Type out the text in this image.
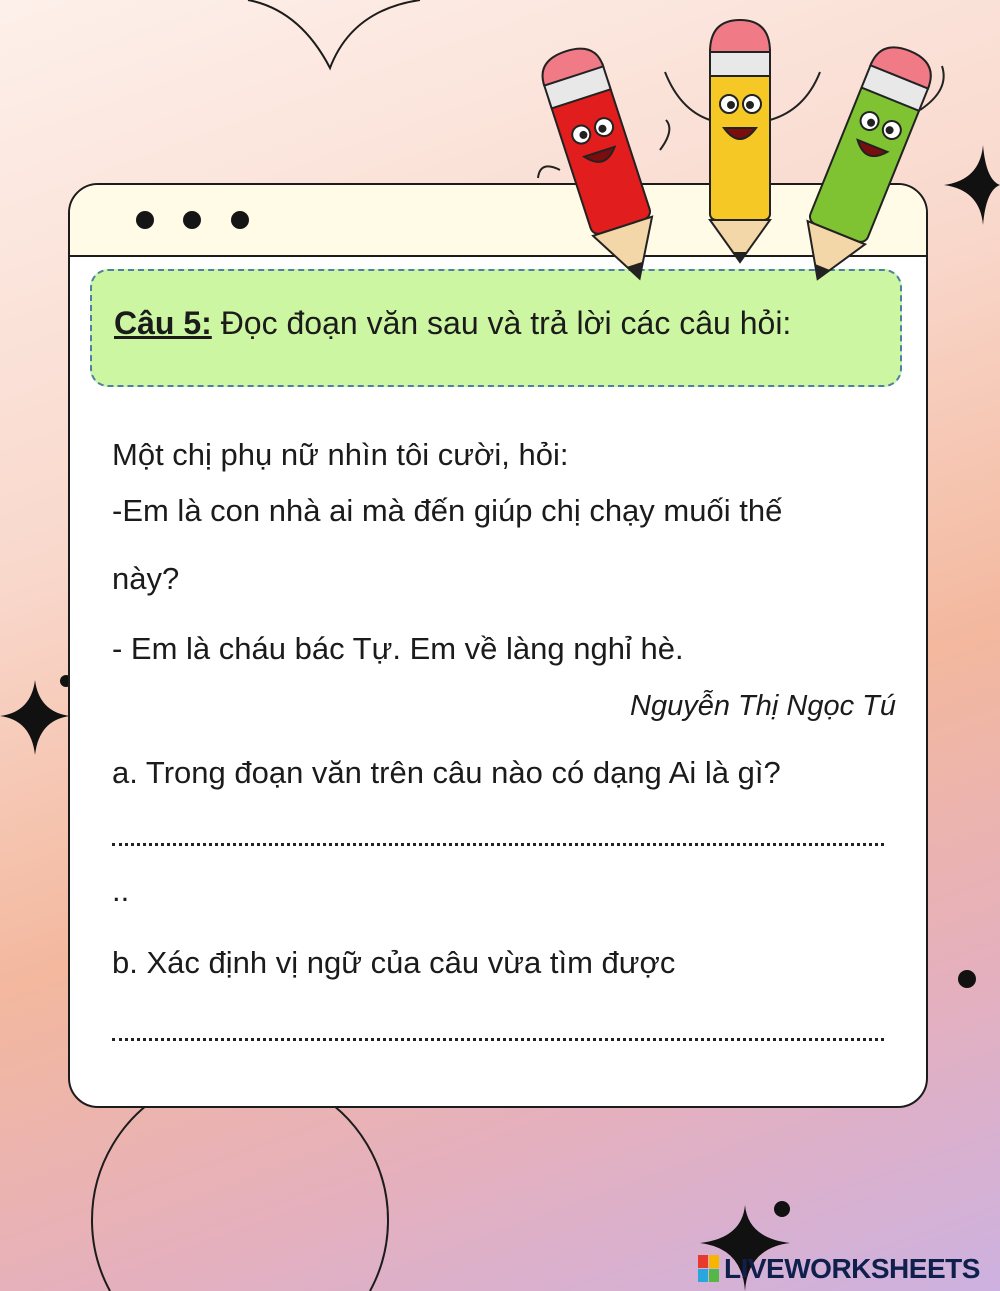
Câu 5: Đọc đoạn văn sau và trả lời các câu hỏi:
Một chị phụ nữ nhìn tôi cười, hỏi:
-Em là con nhà ai mà đến giúp chị chạy muối thế
này?
- Em là cháu bác Tự. Em về làng nghỉ hè.
Nguyễn Thị Ngọc Tú
a. Trong đoạn văn trên câu nào có dạng Ai là gì?
..
b. Xác định vị ngữ của câu vừa tìm được
LIVEWORKSHEETS
